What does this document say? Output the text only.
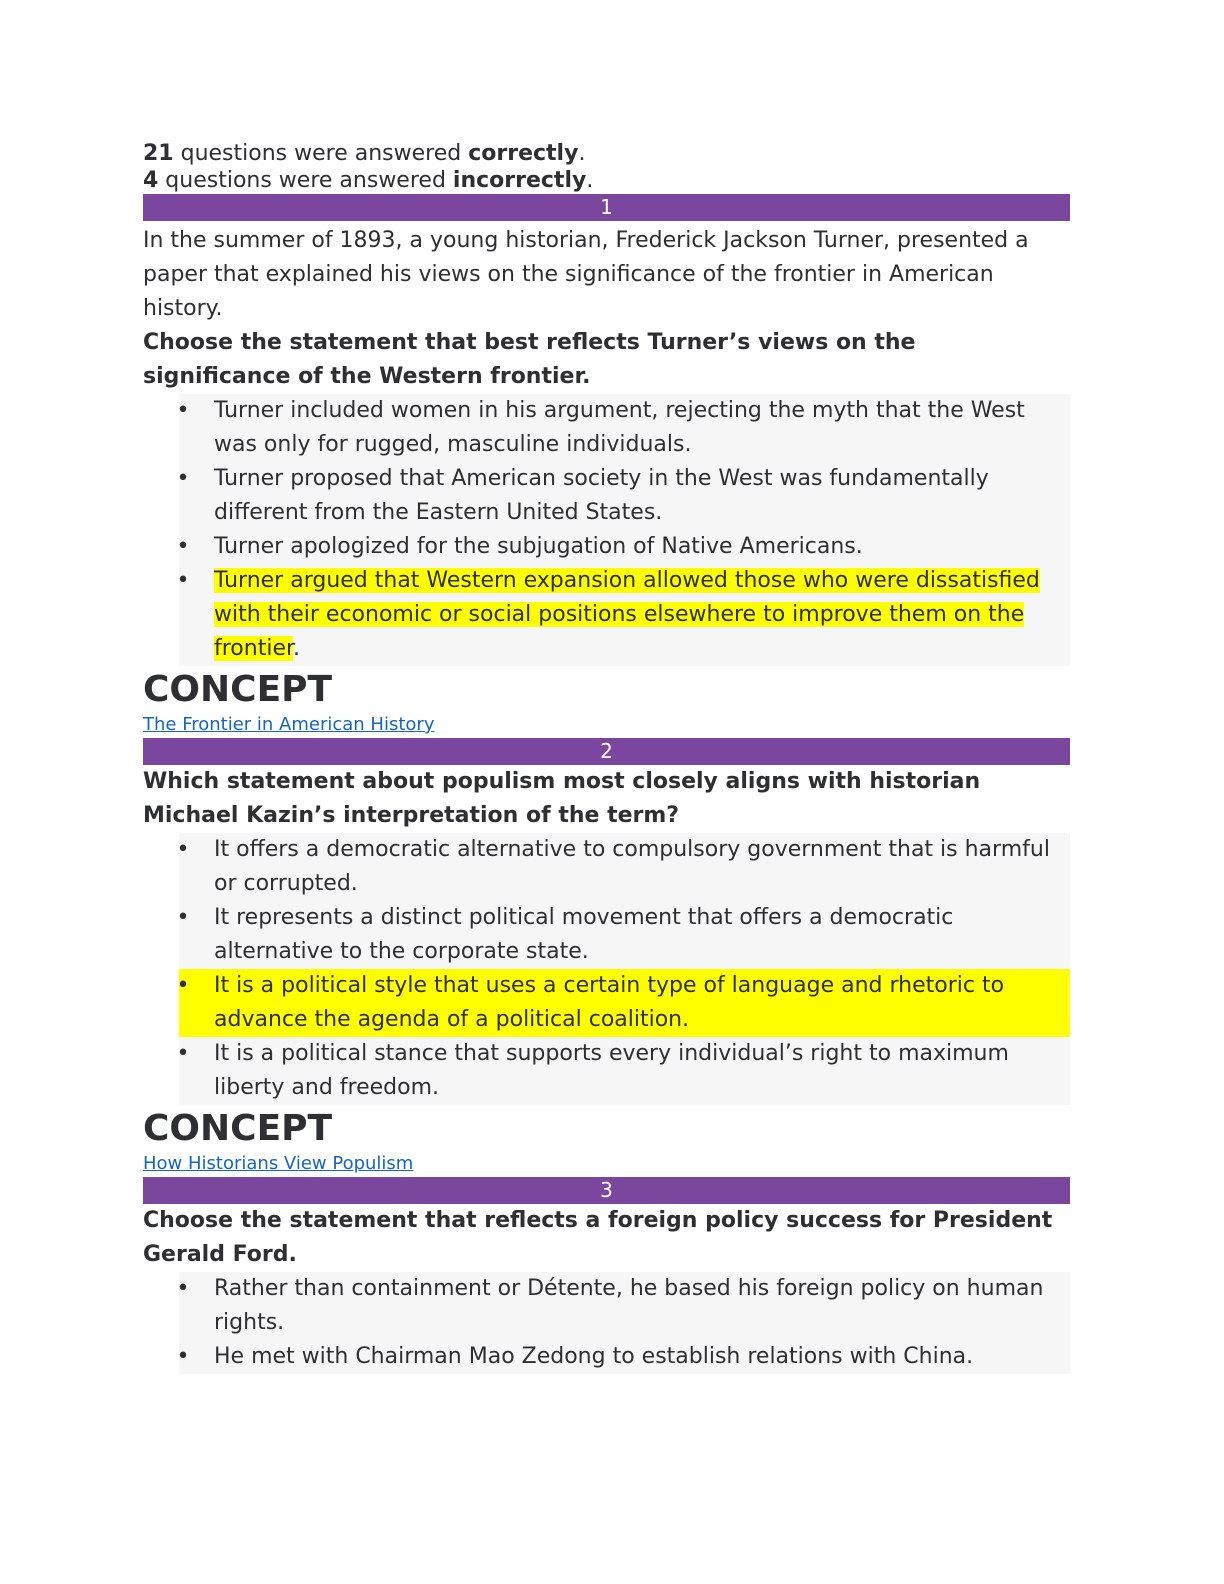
21 questions were answered correctly.
4 questions were answered incorrectly.
1

In the summer of 1893, a young historian, Frederick Jackson Turner, presented a paper that explained his views on the significance of the frontier in American history.

Choose the statement that best reflects Turner’s views on the significance of the Western frontier.

• Turner included women in his argument, rejecting the myth that the West was only for rugged, masculine individuals.
• Turner proposed that American society in the West was fundamentally different from the Eastern United States.
• Turner apologized for the subjugation of Native Americans.
• Turner argued that Western expansion allowed those who were dissatisfied with their economic or social positions elsewhere to improve them on the frontier.
CONCEPT
The Frontier in American History
2

Which statement about populism most closely aligns with historian Michael Kazin’s interpretation of the term?

• It offers a democratic alternative to compulsory government that is harmful or corrupted.
• It represents a distinct political movement that offers a democratic alternative to the corporate state.
• It is a political style that uses a certain type of language and rhetoric to advance the agenda of a political coalition.
• It is a political stance that supports every individual’s right to maximum liberty and freedom.
CONCEPT
How Historians View Populism
3

Choose the statement that reflects a foreign policy success for President Gerald Ford.

• Rather than containment or Détente, he based his foreign policy on human rights.
• He met with Chairman Mao Zedong to establish relations with China.
